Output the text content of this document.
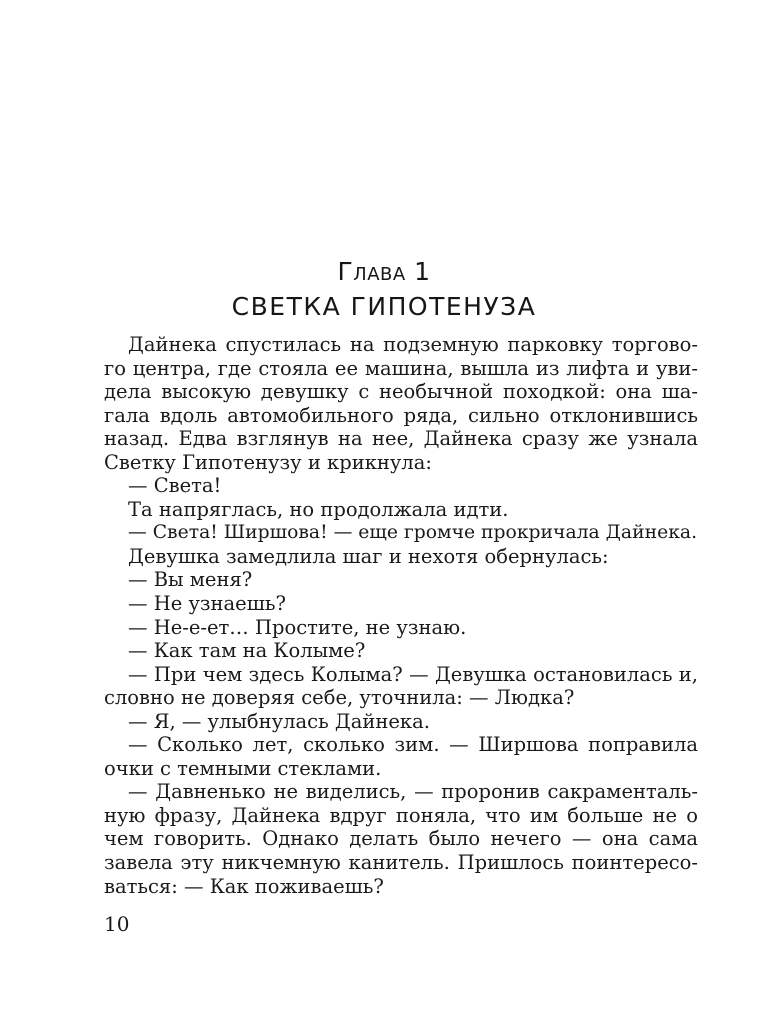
Глава 1
СВЕТКА ГИПОТЕНУЗА
Дайнека спустилась на подземную парковку торгово-
го центра, где стояла ее машина, вышла из лифта и уви-
дела высокую девушку с необычной походкой: она ша-
гала вдоль автомобильного ряда, сильно отклонившись
назад. Едва взглянув на нее, Дайнека сразу же узнала
Светку Гипотенузу и крикнула:
— Света!
Та напряглась, но продолжала идти.
— Света! Ширшова! — еще громче прокричала Дайнека.
Девушка замедлила шаг и нехотя обернулась:
— Вы меня?
— Не узнаешь?
— Не-е-ет… Простите, не узнаю.
— Как там на Колыме?
— При чем здесь Колыма? — Девушка остановилась и,
словно не доверяя себе, уточнила: — Людка?
— Я, — улыбнулась Дайнека.
— Сколько лет, сколько зим. — Ширшова поправила
очки с темными стеклами.
— Давненько не виделись, — проронив сакраменталь-
ную фразу, Дайнека вдруг поняла, что им больше не о
чем говорить. Однако делать было нечего — она сама
завела эту никчемную канитель. Пришлось поинтересо-
ваться: — Как поживаешь?
10
